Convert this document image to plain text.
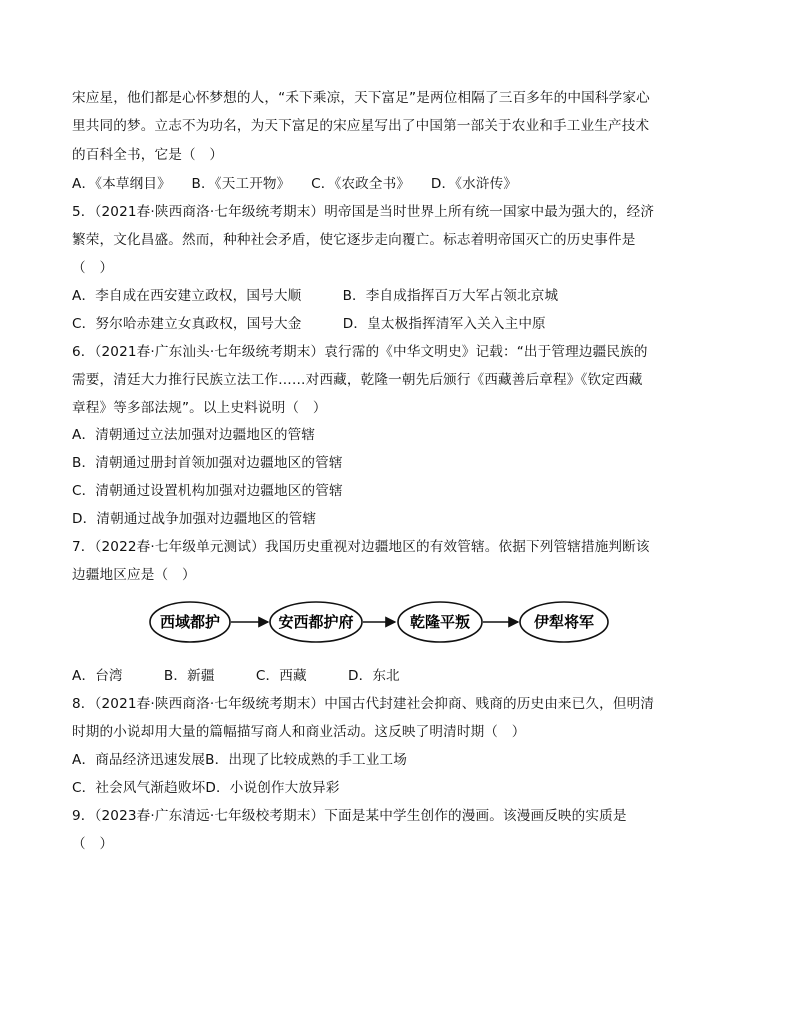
宋应星，他们都是心怀梦想的人，“禾下乘凉，天下富足”是两位相隔了三百多年的中国科学家心
里共同的梦。立志不为功名，为天下富足的宋应星写出了中国第一部关于农业和手工业生产技术
的百科全书，它是（　）
A．《本草纲目》　　B．《天工开物》　　C．《农政全书》　　D．《水浒传》
5．（2021春·陕西商洛·七年级统考期末）明帝国是当时世界上所有统一国家中最为强大的，经济
繁荣，文化昌盛。然而，种种社会矛盾，使它逐步走向覆亡。标志着明帝国灭亡的历史事件是
（　）
A．李自成在西安建立政权，国号大顺　　　B．李自成指挥百万大军占领北京城
C．努尔哈赤建立女真政权，国号大金　　　D．皇太极指挥清军入关入主中原
6．（2021春·广东汕头·七年级统考期末）袁行霈的《中华文明史》记载：“出于管理边疆民族的
需要，清廷大力推行民族立法工作……对西藏，乾隆一朝先后颁行《西藏善后章程》《钦定西藏
章程》等多部法规”。以上史料说明（　）
A．清朝通过立法加强对边疆地区的管辖
B．清朝通过册封首领加强对边疆地区的管辖
C．清朝通过设置机构加强对边疆地区的管辖
D．清朝通过战争加强对边疆地区的管辖
7．（2022春·七年级单元测试）我国历史重视对边疆地区的有效管辖。依据下列管辖措施判断该
边疆地区应是（　）
西域都护	安西都护府	乾隆平叛	伊犁将军
A．台湾　　　B．新疆　　　C．西藏　　　D．东北
8．（2021春·陕西商洛·七年级统考期末）中国古代封建社会抑商、贱商的历史由来已久，但明清
时期的小说却用大量的篇幅描写商人和商业活动。这反映了明清时期（　）
A．商品经济迅速发展B．出现了比较成熟的手工业工场
C．社会风气渐趋败坏D．小说创作大放异彩
9．（2023春·广东清远·七年级校考期末）下面是某中学生创作的漫画。该漫画反映的实质是
（　）
